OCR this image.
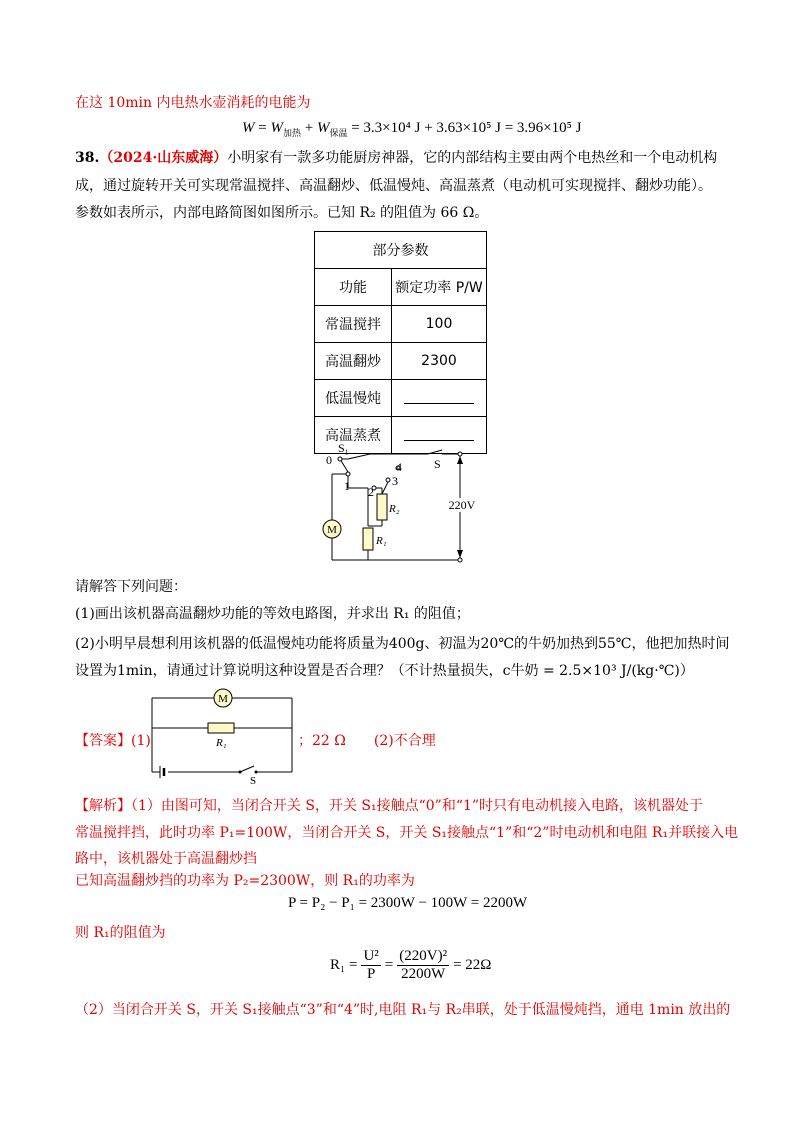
在这 10min 内电热水壶消耗的电能为
$W = W_{加热} + W_{保温} = 3.3\times 10^4$ J + 3.63×10⁵ J = 3.96×10⁵ J
38.（2024·山东威海）小明家有一款多功能厨房神器，它的内部结构主要由两个电热丝和一个电动机构
成，通过旋转开关可实现常温搅拌、高温翻炒、低温慢炖、高温蒸煮（电动机可实现搅拌、翻炒功能）。
参数如表所示，内部电路简图如图所示。已知 R₂ 的阻值为 66 Ω。
部分参数	
功能	额定功率 P/W
常温搅拌	100
高温翻炒	2300
低温慢炖	
高温蒸煮	
M
220V
S₁
0
1 2
3
4	S
R₂
R₁
请解答下列问题：
(1)画出该机器高温翻炒功能的等效电路图，并求出 R₁ 的阻值；
(2)小明早晨想利用该机器的低温慢炖功能将质量为400g、初温为20℃的牛奶加热到55℃，他把加热时间
设置为1min，请通过计算说明这种设置是否合理？（不计热量损失，c牛奶 = 2.5×10³ J/(kg·℃)）
【答案】(1)
M
R₁
S
；22 Ω　　(2)不合理
【解析】（1）由图可知，当闭合开关 S，开关 S₁接触点“0”和“1”时只有电动机接入电路，该机器处于
常温搅拌挡，此时功率 P₁=100W，当闭合开关 S，开关 S₁接触点“1”和“2”时电动机和电阻 R₁并联接入电
路中，该机器处于高温翻炒挡
已知高温翻炒挡的功率为 P₂=2300W，则 R₁的功率为
P = P₂ − P₁ = 2300W − 100W = 2200W
则 R₁的阻值为
$R_1 = \frac{\text{U²}}{P} = \frac{\text{(220V)²}}{2200W} = 22\Omega$
（2）当闭合开关 S，开关 S₁接触点“3”和“4”时,电阻 R₁与 R₂串联，处于低温慢炖挡，通电 1min 放出的
